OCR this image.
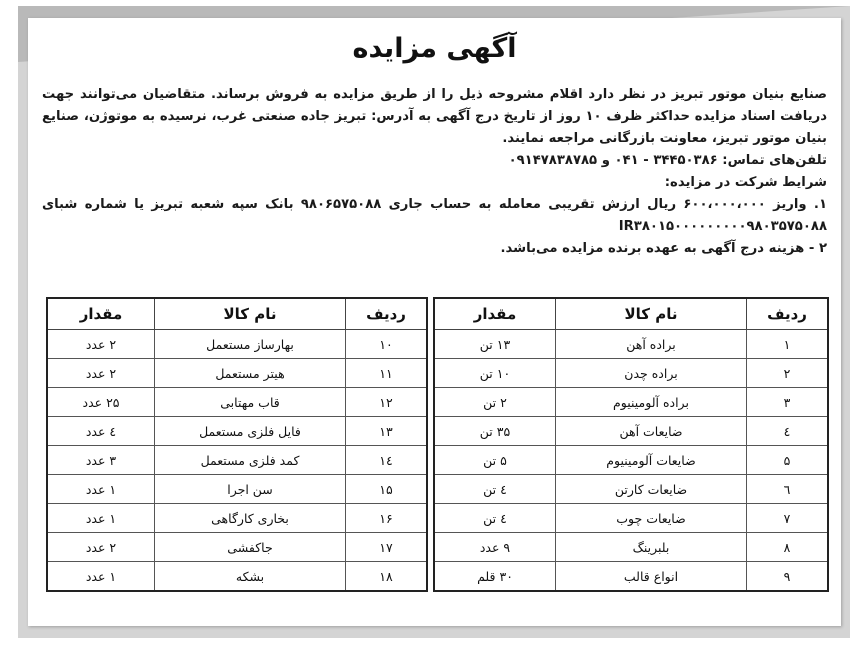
آگهی مزایده

صنایع بنیان موتور تبریز در نظر دارد اقلام مشروحه ذیل را از طریق مزایده به فروش برساند. متقاضیان می‌توانند جهت دریافت اسناد مزایده حداکثر ظرف ۱۰ روز از تاریخ درج آگهی به آدرس: تبریز جاده صنعتی غرب، نرسیده به موتوژن، صنایع بنیان موتور تبریز، معاونت بازرگانی مراجعه نمایند.

تلفن‌های تماس: ۳۴۴۵۰۳۸۶ - ۰۴۱ و ۰۹۱۴۷۸۳۸۷۸۵

شرایط شرکت در مزایده:

۱. واریز ۶۰۰،۰۰۰،۰۰۰ ریال ارزش تقریبی معامله به حساب جاری ۹۸۰۶۵۷۵۰۸۸ بانک سپه شعبه تبریز یا شماره شبای IR۳۸۰۱۵۰۰۰۰۰۰۰۰۰۹۸۰۳۵۷۵۰۸۸

۲ - هزینه درج آگهی به عهده برنده مزایده می‌باشد.

ردیف	نام کالا	مقدار
۱	براده آهن	۱۳ تن
۲	براده چدن	۱۰ تن
۳	براده آلومینیوم	۲ تن
٤	ضایعات آهن	۳۵ تن
۵	ضایعات آلومینیوم	۵ تن
٦	ضایعات کارتن	٤ تن
۷	ضایعات چوب	٤ تن
۸	بلبرینگ	۹ عدد
۹	انواع قالب	۳۰ قلم
ردیف	نام کالا	مقدار
۱۰	بهارساز مستعمل	۲ عدد
۱۱	هیتر مستعمل	۲ عدد
۱۲	قاب مهتابی	۲۵ عدد
۱۳	فایل فلزی مستعمل	٤ عدد
١٤	کمد فلزی مستعمل	۳ عدد
۱۵	سن اجرا	۱ عدد
۱۶	بخاری کارگاهی	۱ عدد
۱۷	جاکفشی	۲ عدد
۱۸	بشکه	۱ عدد
